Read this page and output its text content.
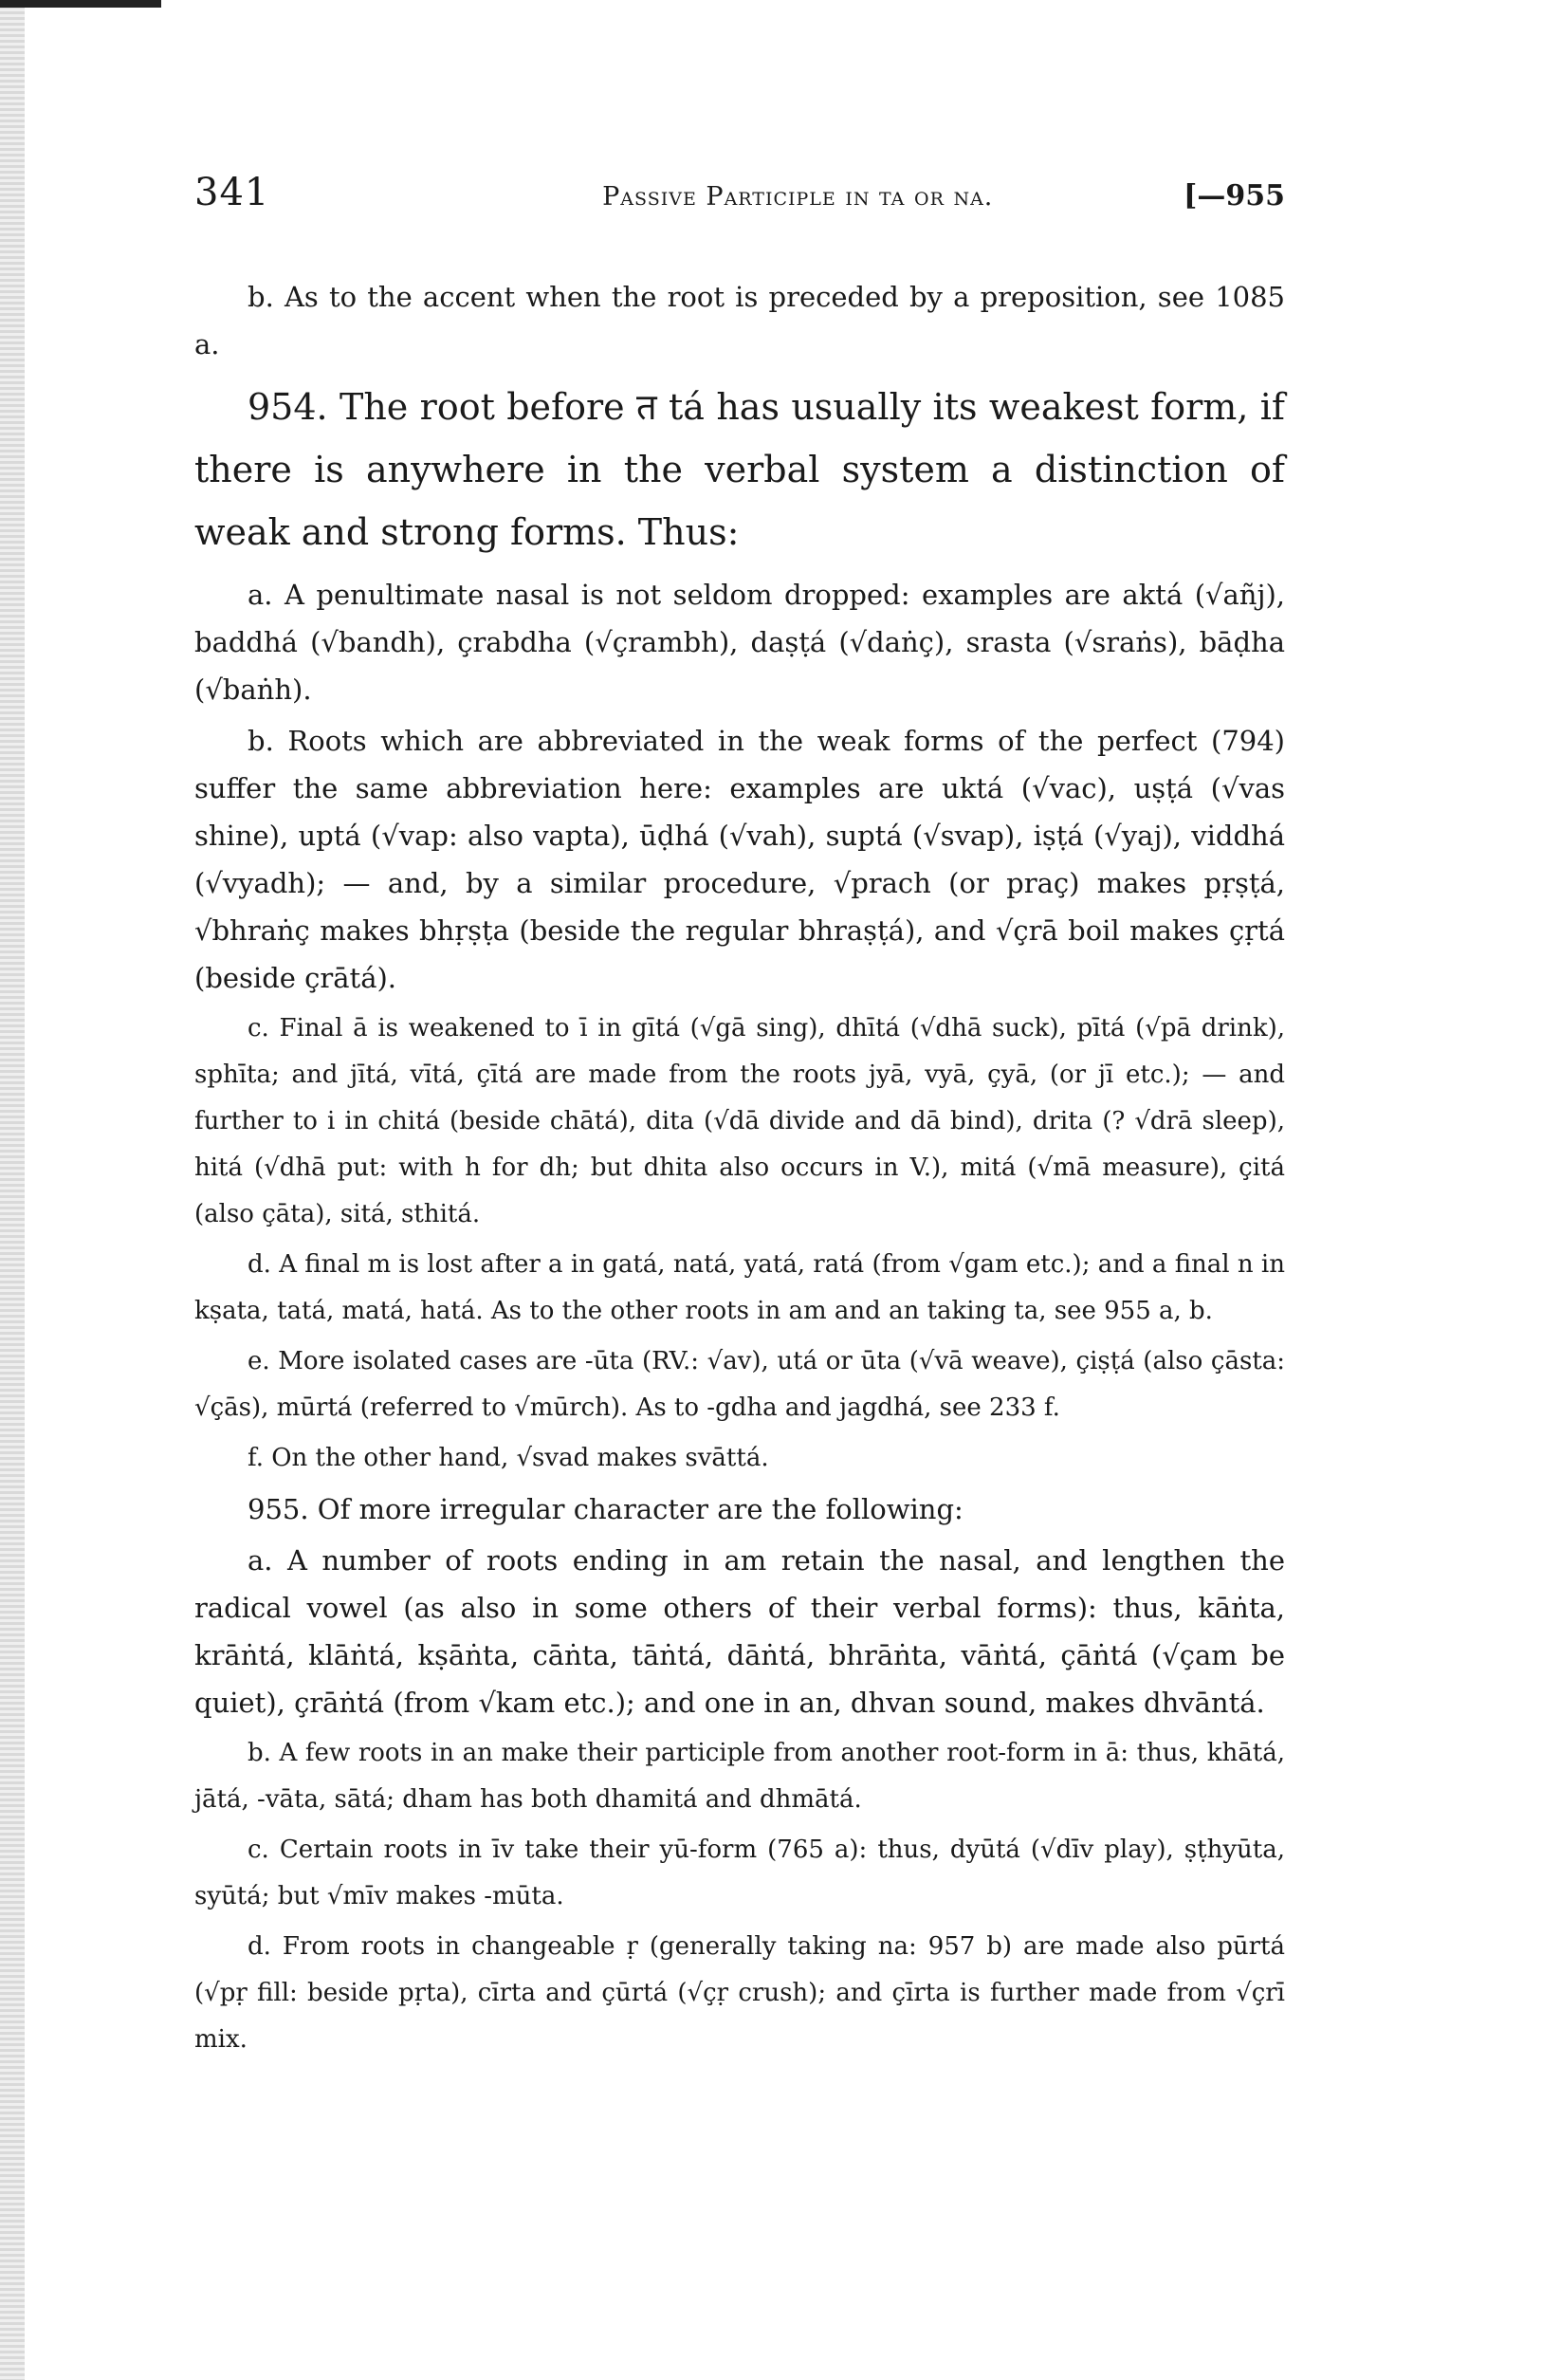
341	Passive Participle in ta or na.	[—955

b. As to the accent when the root is preceded by a preposition, see 1085 a.

954. The root before त tá has usually its weakest form, if there is anywhere in the verbal system a distinction of weak and strong forms. Thus:

a. A penultimate nasal is not seldom dropped: examples are aktá (√añj), baddhá (√bandh), çrabdha (√çrambh), daṣṭá (√daṅç), srasta (√sraṅs), bāḍha (√baṅh).

b. Roots which are abbreviated in the weak forms of the perfect (794) suffer the same abbreviation here: examples are uktá (√vac), uṣṭá (√vas shine), uptá (√vap: also vapta), ūḍhá (√vah), suptá (√svap), iṣṭá (√yaj), viddhá (√vyadh); — and, by a similar procedure, √prach (or praç) makes pṛṣṭá, √bhraṅç makes bhṛṣṭa (beside the regular bhraṣṭá), and √çrā boil makes çṛtá (beside çrātá).

c. Final ā is weakened to ī in gītá (√gā sing), dhītá (√dhā suck), pītá (√pā drink), sphīta; and jītá, vītá, çītá are made from the roots jyā, vyā, çyā, (or jī etc.); — and further to i in chitá (beside chātá), dita (√dā divide and dā bind), drita (? √drā sleep), hitá (√dhā put: with h for dh; but dhita also occurs in V.), mitá (√mā measure), çitá (also çāta), sitá, sthitá.

d. A final m is lost after a in gatá, natá, yatá, ratá (from √gam etc.); and a final n in kṣata, tatá, matá, hatá. As to the other roots in am and an taking ta, see 955 a, b.

e. More isolated cases are -ūta (RV.: √av), utá or ūta (√vā weave), çiṣṭá (also çāsta: √çās), mūrtá (referred to √mūrch). As to -gdha and jagdhá, see 233 f.

f. On the other hand, √svad makes svāttá.

955. Of more irregular character are the following:

a. A number of roots ending in am retain the nasal, and lengthen the radical vowel (as also in some others of their verbal forms): thus, kāṅta, krāṅtá, klāṅtá, kṣāṅta, cāṅta, tāṅtá, dāṅtá, bhrāṅta, vāṅtá, çāṅtá (√çam be quiet), çrāṅtá (from √kam etc.); and one in an, dhvan sound, makes dhvāntá.

b. A few roots in an make their participle from another root-form in ā: thus, khātá, jātá, -vāta, sātá; dham has both dhamitá and dhmātá.

c. Certain roots in īv take their yū-form (765 a): thus, dyūtá (√dīv play), ṣṭhyūta, syūtá; but √mīv makes -mūta.

d. From roots in changeable ṛ (generally taking na: 957 b) are made also pūrtá (√pṛ fill: beside pṛta), cīrta and çūrtá (√çṛ crush); and çīrta is further made from √çrī mix.
